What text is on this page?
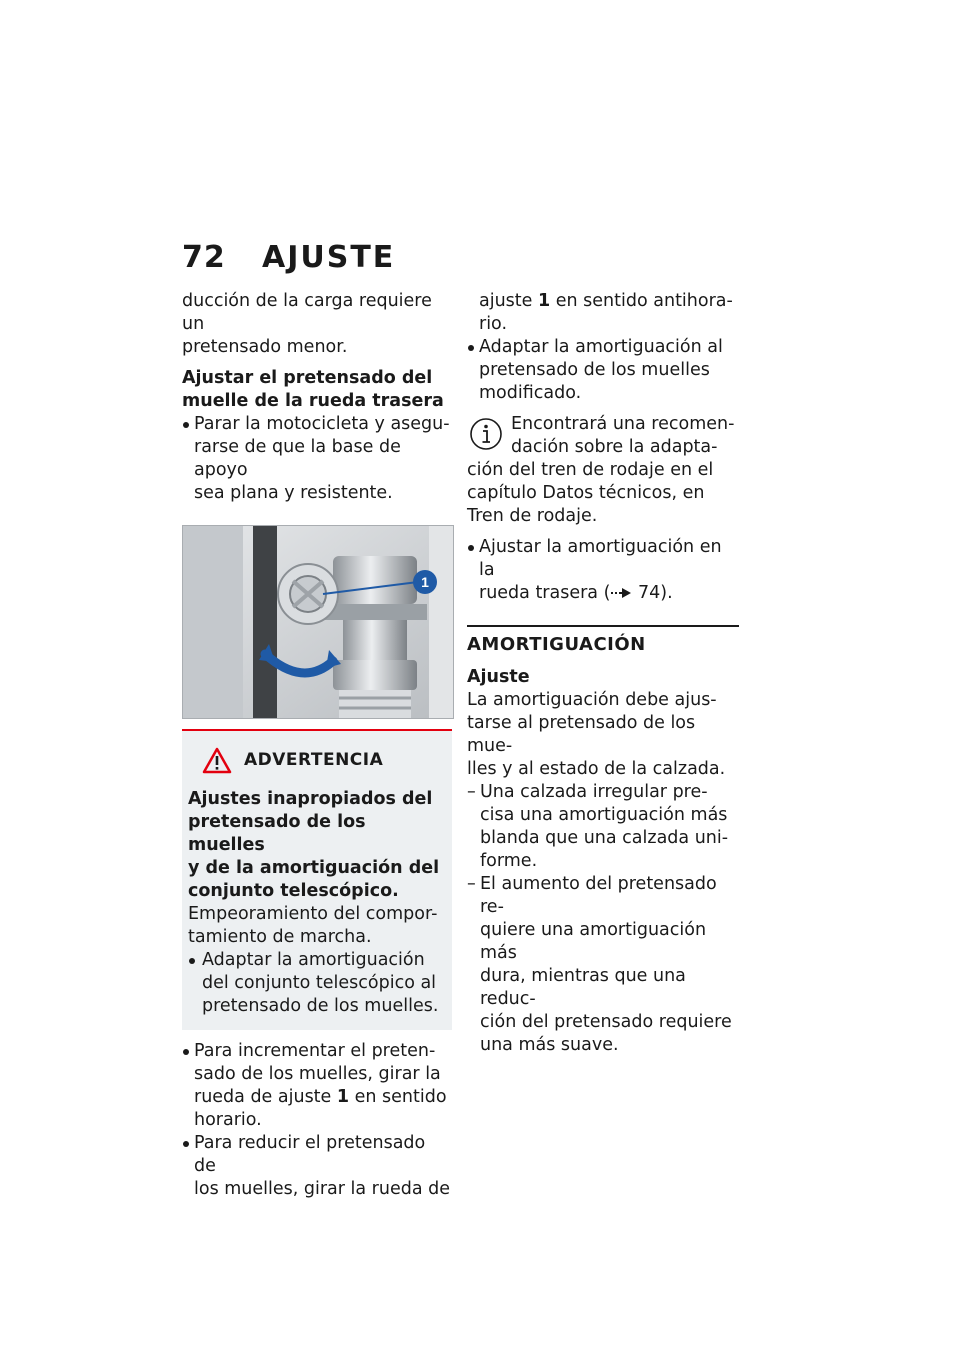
72	AJUSTE

ducción de la carga requiere un
pretensado menor.

Ajustar el pretensado del
muelle de la rueda trasera

Parar la motocicleta y asegu-
rarse de que la base de apoyo
sea plana y resistente.

1
ADVERTENCIA

Ajustes inapropiados del
pretensado de los muelles
y de la amortiguación del
conjunto telescópico.

Empeoramiento del compor-
tamiento de marcha.

Adaptar la amortiguación
del conjunto telescópico al
pretensado de los muelles.

Para incrementar el preten-
sado de los muelles, girar la
rueda de ajuste 1 en sentido
horario.

Para reducir el pretensado de
los muelles, girar la rueda de

ajuste 1 en sentido antihora-
rio.

Adaptar la amortiguación al
pretensado de los muelles
modificado.

Encontrará una recomen-
dación sobre la adapta-

ción del tren de rodaje en el
capítulo Datos técnicos, en
Tren de rodaje.

Ajustar la amortiguación en la
rueda trasera ( 74).

AMORTIGUACIÓN

Ajuste

La amortiguación debe ajus-
tarse al pretensado de los mue-
lles y al estado de la calzada.

– Una calzada irregular pre-
cisa una amortiguación más
blanda que una calzada uni-
forme.

– El aumento del pretensado re-
quiere una amortiguación más
dura, mientras que una reduc-
ción del pretensado requiere
una más suave.
